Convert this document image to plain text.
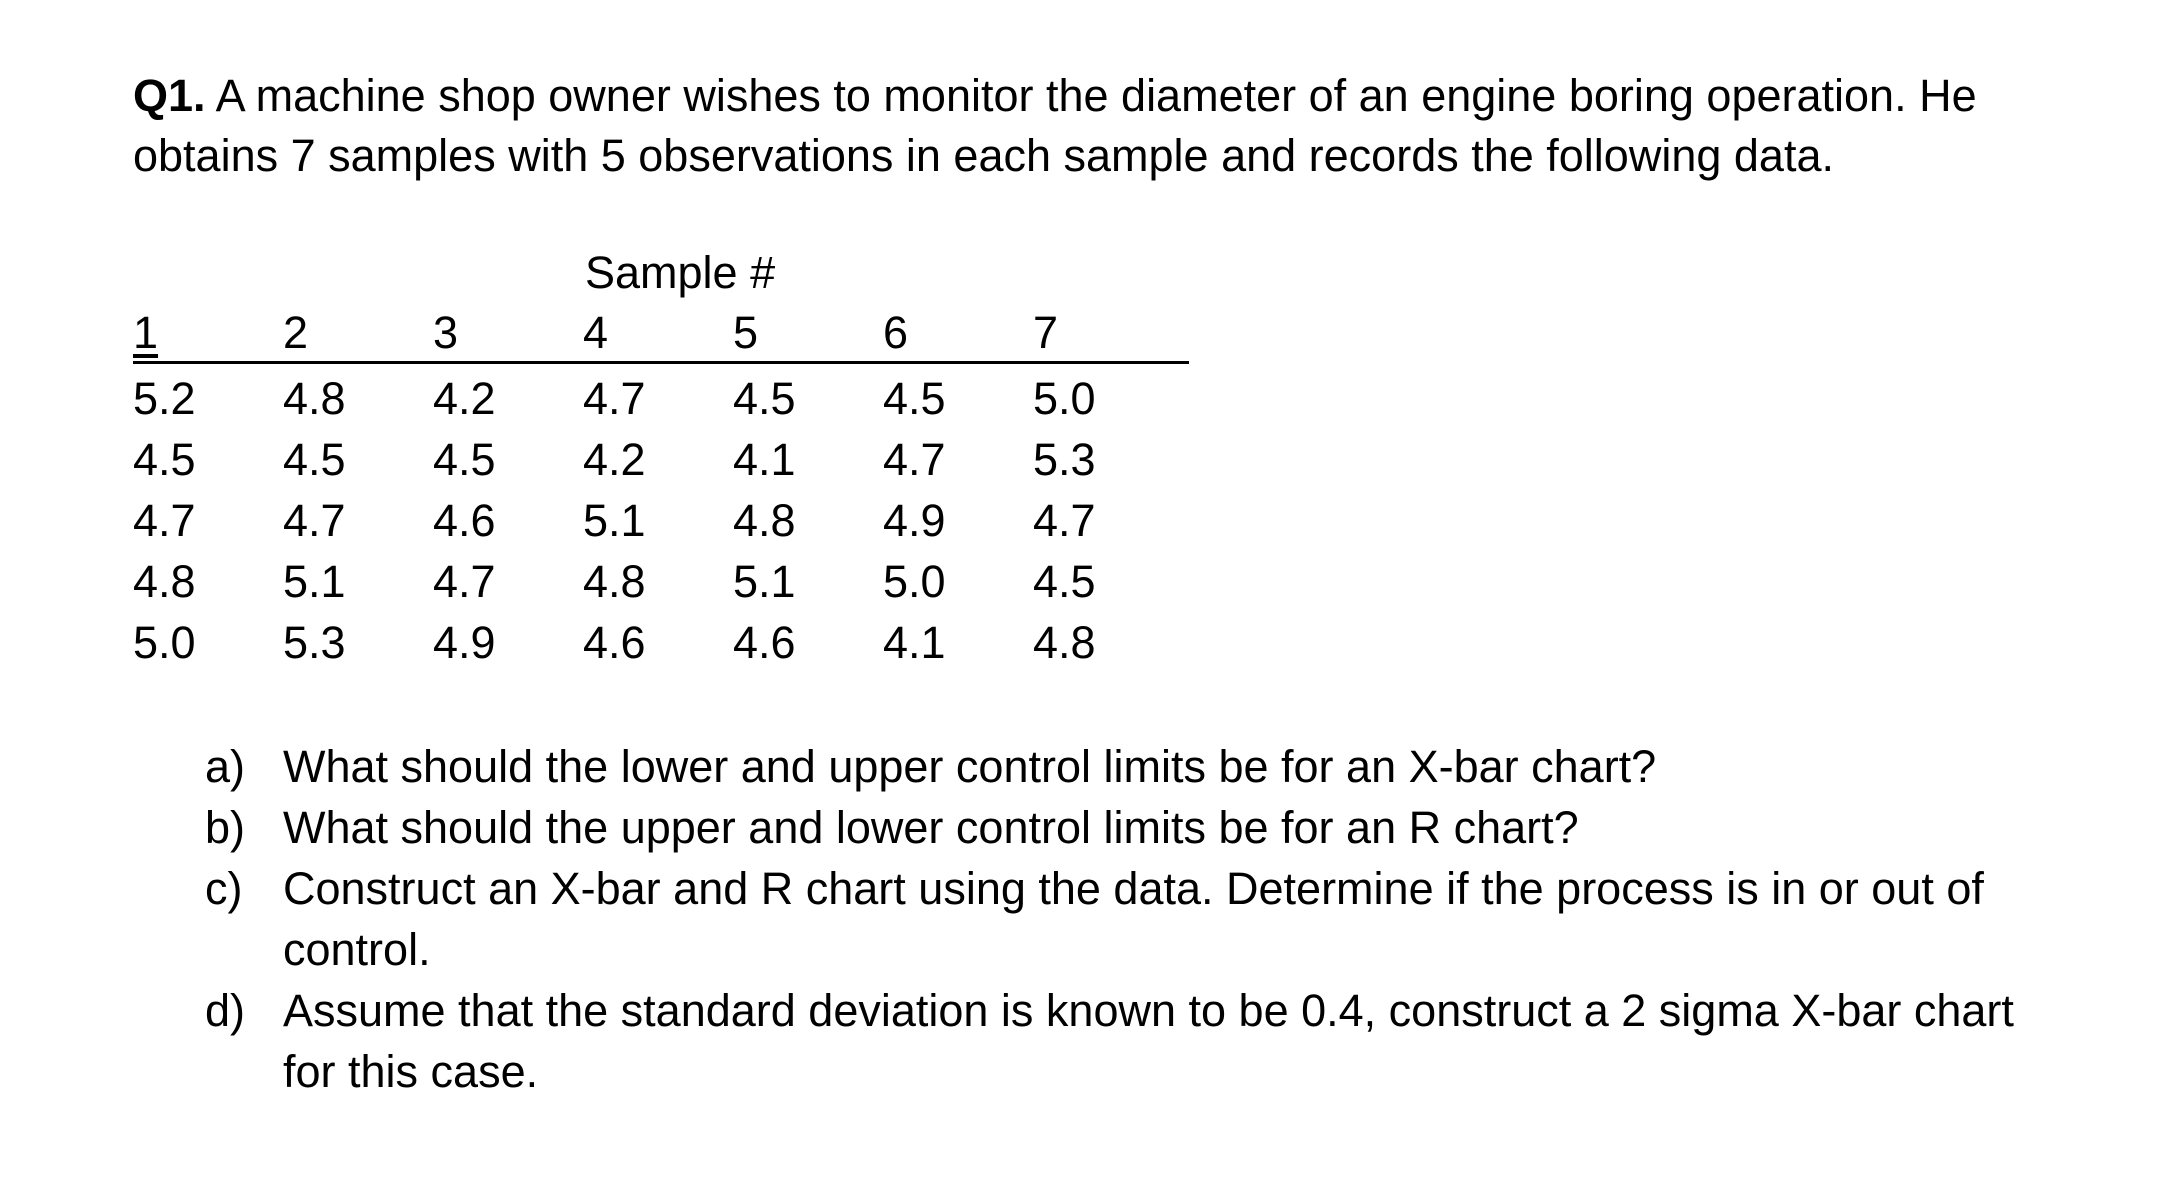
Q1. A machine shop owner wishes to monitor the diameter of an engine boring operation. He obtains 7 samples with 5 observations in each sample and records the following data.
Sample #
1	2	3	4	5	6	7
5.2 4.8 4.2 4.7 4.5 4.5 5.0
4.5 4.5 4.5 4.2 4.1 4.7 5.3
4.7 4.7 4.6 5.1 4.8 4.9 4.7
4.8 5.1 4.7 4.8 5.1 5.0 4.5
5.0 5.3 4.9 4.6 4.6 4.1 4.8
a) What should the lower and upper control limits be for an X-bar chart?
b) What should the upper and lower control limits be for an R chart?
c) Construct an X-bar and R chart using the data. Determine if the process is in or out of control.
d) Assume that the standard deviation is known to be 0.4, construct a 2 sigma X-bar chart for this case.
